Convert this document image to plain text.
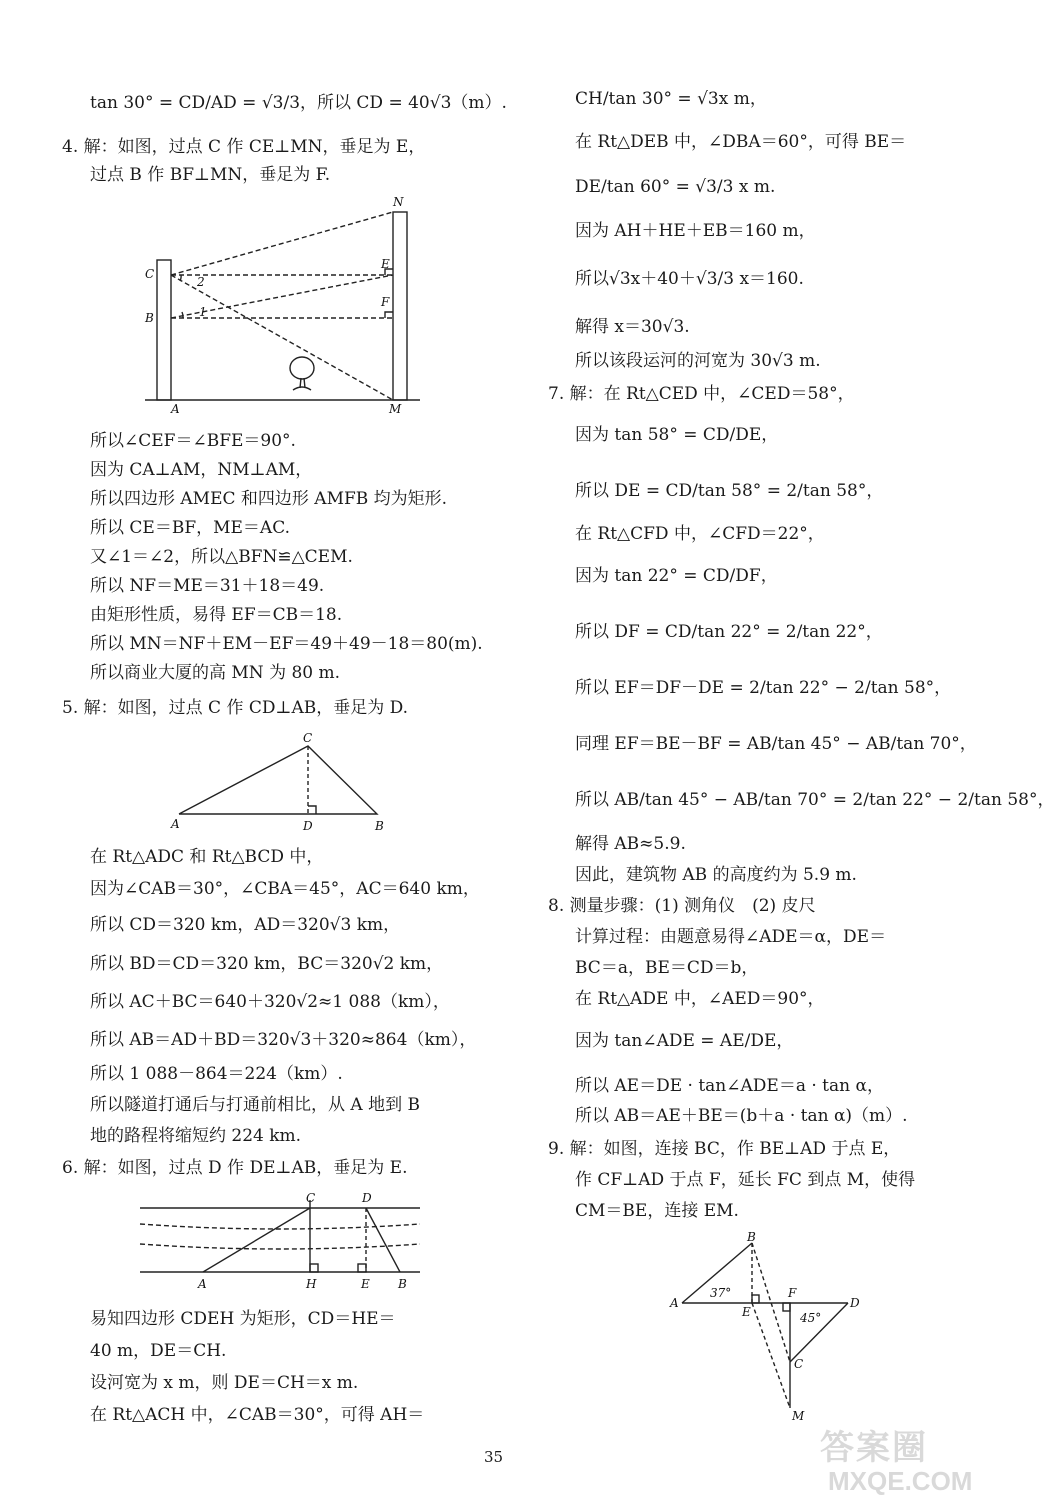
tan 30° = CD/AD = √3/3，所以 CD = 40√3（m）.
4. 解：如图，过点 C 作 CE⊥MN，垂足为 E，
过点 B 作 BF⊥MN，垂足为 F.
所以∠CEF＝∠BFE＝90°.
因为 CA⊥AM，NM⊥AM，
所以四边形 AMEC 和四边形 AMFB 均为矩形.
所以 CE＝BF，ME＝AC.
又∠1＝∠2，所以△BFN≌△CEM.
所以 NF＝ME＝31＋18＝49.
由矩形性质，易得 EF＝CB＝18.
所以 MN＝NF＋EM－EF＝49＋49－18＝80(m).
所以商业大厦的高 MN 为 80 m.
5. 解：如图，过点 C 作 CD⊥AB，垂足为 D.
在 Rt△ADC 和 Rt△BCD 中，
因为∠CAB＝30°，∠CBA＝45°，AC＝640 km，
所以 CD＝320 km，AD＝320√3 km，
所以 BD＝CD＝320 km，BC＝320√2 km，
所以 AC＋BC＝640＋320√2≈1 088（km），
所以 AB＝AD＋BD＝320√3＋320≈864（km），
所以 1 088－864＝224（km）.
所以隧道打通后与打通前相比，从 A 地到 B
地的路程将缩短约 224 km.
6. 解：如图，过点 D 作 DE⊥AB，垂足为 E.
易知四边形 CDEH 为矩形，CD＝HE＝
40 m，DE＝CH.
设河宽为 x m，则 DE＝CH＝x m.
在 Rt△ACH 中，∠CAB＝30°，可得 AH＝
CH/tan 30° = √3x m，
在 Rt△DEB 中，∠DBA＝60°，可得 BE＝
DE/tan 60° = √3/3 x m.
因为 AH＋HE＋EB＝160 m，
所以√3x＋40＋√3/3 x＝160.
解得 x＝30√3.
所以该段运河的河宽为 30√3 m.
7. 解：在 Rt△CED 中，∠CED＝58°，
因为 tan 58° = CD/DE，
所以 DE = CD/tan 58° = 2/tan 58°，
在 Rt△CFD 中，∠CFD＝22°，
因为 tan 22° = CD/DF，
所以 DF = CD/tan 22° = 2/tan 22°，
所以 EF＝DF－DE = 2/tan 22° − 2/tan 58°，
同理 EF＝BE－BF = AB/tan 45° − AB/tan 70°，
所以 AB/tan 45° − AB/tan 70° = 2/tan 22° − 2/tan 58°，
解得 AB≈5.9.
因此，建筑物 AB 的高度约为 5.9 m.
8. 测量步骤：(1) 测角仪　(2) 皮尺
计算过程：由题意易得∠ADE＝α，DE＝
BC＝a，BE＝CD＝b，
在 Rt△ADE 中，∠AED＝90°，
因为 tan∠ADE = AE/DE，
所以 AE＝DE · tan∠ADE＝a · tan α，
所以 AB＝AE＋BE＝(b＋a · tan α)（m）.
9. 解：如图，连接 BC，作 BE⊥AD 于点 E，
作 CF⊥AD 于点 F，延长 FC 到点 M，使得
CM＝BE，连接 EM.
N
C
E
2
F
B	1
A	M
C
A	D	B
C	D
A	H	E B
B
37°	F
D
A
E	45°
C
M
35	答案圈
MXQE.COM
